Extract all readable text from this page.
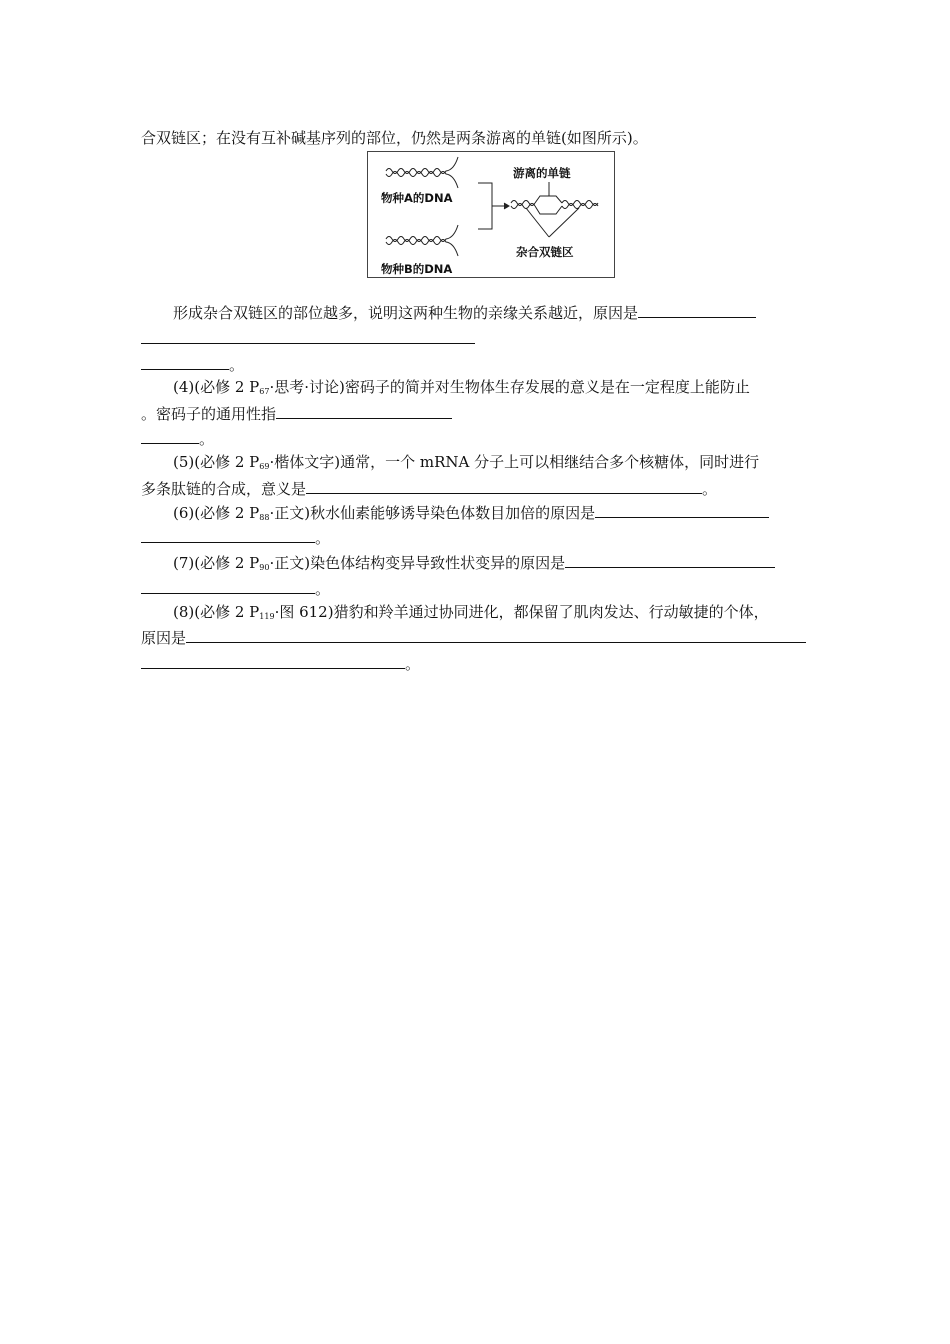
合双链区；在没有互补碱基序列的部位，仍然是两条游离的单链(如图所示)。
物种A的DNA
物种B的DNA
游离的单链
杂合双链区
形成杂合双链区的部位越多，说明这两种生物的亲缘关系越近，原因是
。
(4)(必修 2 $P_{67}\cdot$思考·讨论)密码子的简并对生物体生存发展的意义是在一定程度上能防止
。密码子的通用性指
。
(5)(必修 2 $P_{69}\cdot$楷体文字)通常，一个 mRNA 分子上可以相继结合多个核糖体，同时进行
多条肽链的合成，意义是	。
(6)(必修 2 $P_{88}\cdot$正文)秋水仙素能够诱导染色体数目加倍的原因是
。
(7)(必修 2 $P_{90}\cdot$正文)染色体结构变异导致性状变异的原因是
。
(8)(必修 2 $P_{119}\cdot$图 612)猎豹和羚羊通过协同进化，都保留了肌肉发达、行动敏捷的个体，
原因是
。
